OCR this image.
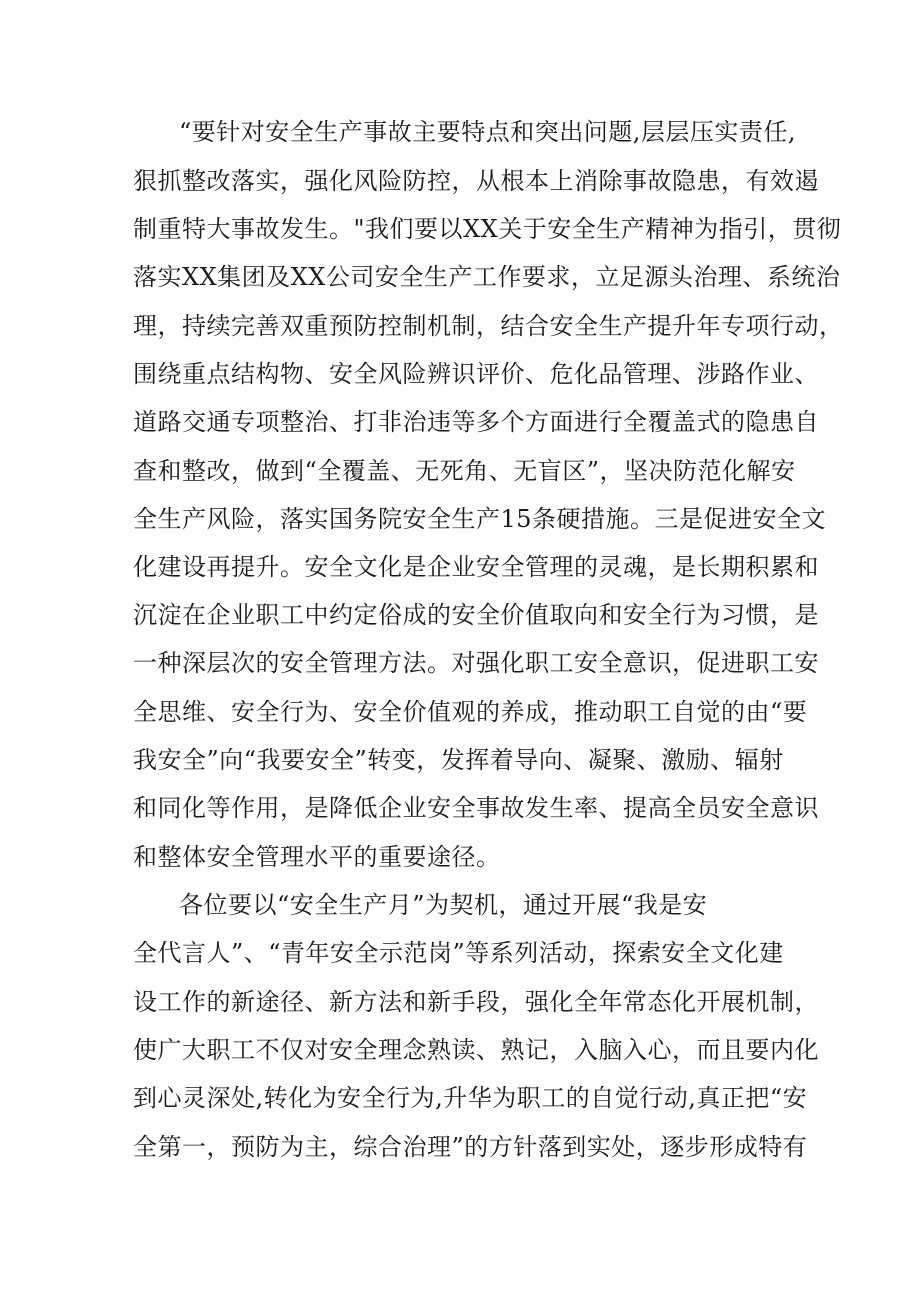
“要针对安全生产事故主要特点和突出问题,层层压实责任,
狠抓整改落实，强化风险防控，从根本上消除事故隐患，有效遏
制重特大事故发生。"我们要以XX关于安全生产精神为指引，贯彻
落实XX集团及XX公司安全生产工作要求，立足源头治理、系统治
理，持续完善双重预防控制机制，结合安全生产提升年专项行动，
围绕重点结构物、安全风险辨识评价、危化品管理、涉路作业、
道路交通专项整治、打非治违等多个方面进行全覆盖式的隐患自
查和整改，做到“全覆盖、无死角、无盲区”，坚决防范化解安
全生产风险，落实国务院安全生产15条硬措施。三是促进安全文
化建设再提升。安全文化是企业安全管理的灵魂，是长期积累和
沉淀在企业职工中约定俗成的安全价值取向和安全行为习惯，是
一种深层次的安全管理方法。对强化职工安全意识，促进职工安
全思维、安全行为、安全价值观的养成，推动职工自觉的由“要
我安全”向“我要安全”转变，发挥着导向、凝聚、激励、辐射
和同化等作用，是降低企业安全事故发生率、提高全员安全意识
和整体安全管理水平的重要途径。
各位要以“安全生产月”为契机，通过开展“我是安
全代言人”、“青年安全示范岗”等系列活动，探索安全文化建
设工作的新途径、新方法和新手段，强化全年常态化开展机制，
使广大职工不仅对安全理念熟读、熟记，入脑入心，而且要内化
到心灵深处,转化为安全行为,升华为职工的自觉行动,真正把“安
全第一，预防为主，综合治理”的方针落到实处，逐步形成特有
